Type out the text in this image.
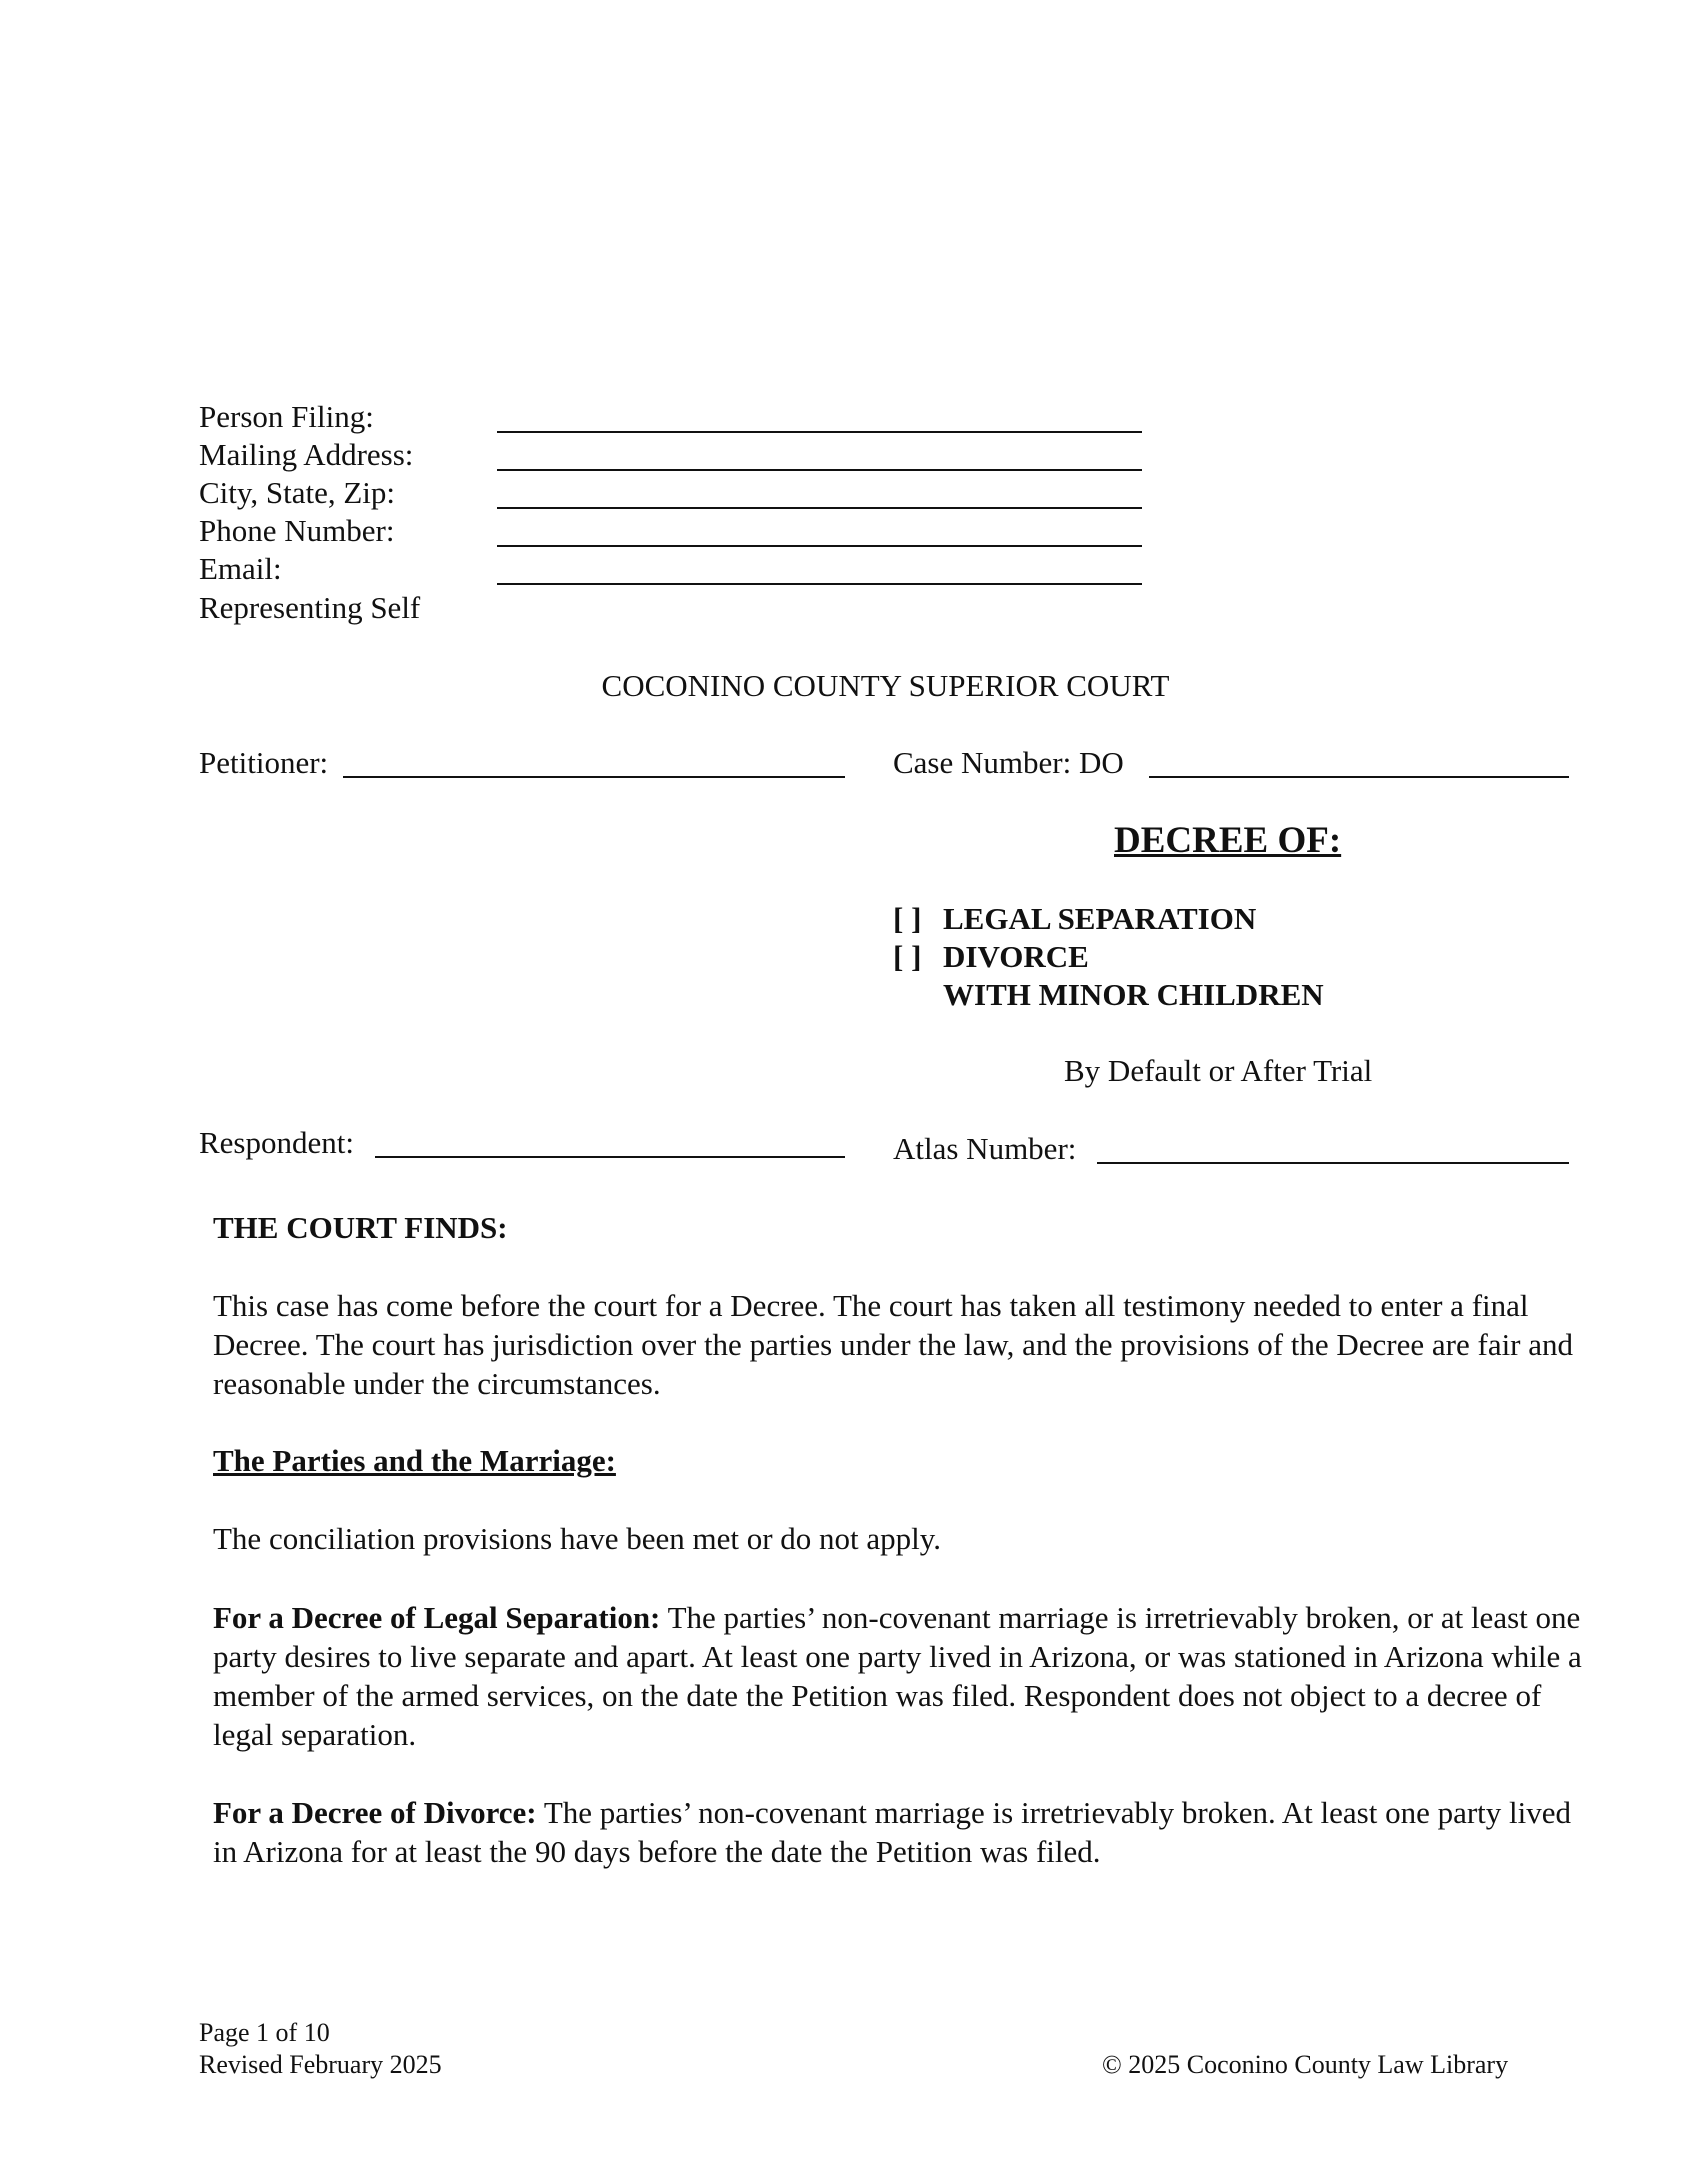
Person Filing:
Mailing Address:
City, State, Zip:
Phone Number:
Email:
Representing Self
COCONINO COUNTY SUPERIOR COURT
Petitioner:	Case Number: DO
DECREE OF:
[ ] LEGAL SEPARATION
[ ] DIVORCE
WITH MINOR CHILDREN
By Default or After Trial
Respondent:	Atlas Number:
THE COURT FINDS:

This case has come before the court for a Decree. The court has taken all testimony needed to enter a final Decree. The court has jurisdiction over the parties under the law, and the provisions of the Decree are fair and reasonable under the circumstances.

The Parties and the Marriage:
The conciliation provisions have been met or do not apply.

For a Decree of Legal Separation: The parties’ non-covenant marriage is irretrievably broken, or at least one party desires to live separate and apart. At least one party lived in Arizona, or was stationed in Arizona while a member of the armed services, on the date the Petition was filed. Respondent does not object to a decree of legal separation.

For a Decree of Divorce: The parties’ non-covenant marriage is irretrievably broken. At least one party lived in Arizona for at least the 90 days before the date the Petition was filed.

Page 1 of 10
Revised February 2025	© 2025 Coconino County Law Library
